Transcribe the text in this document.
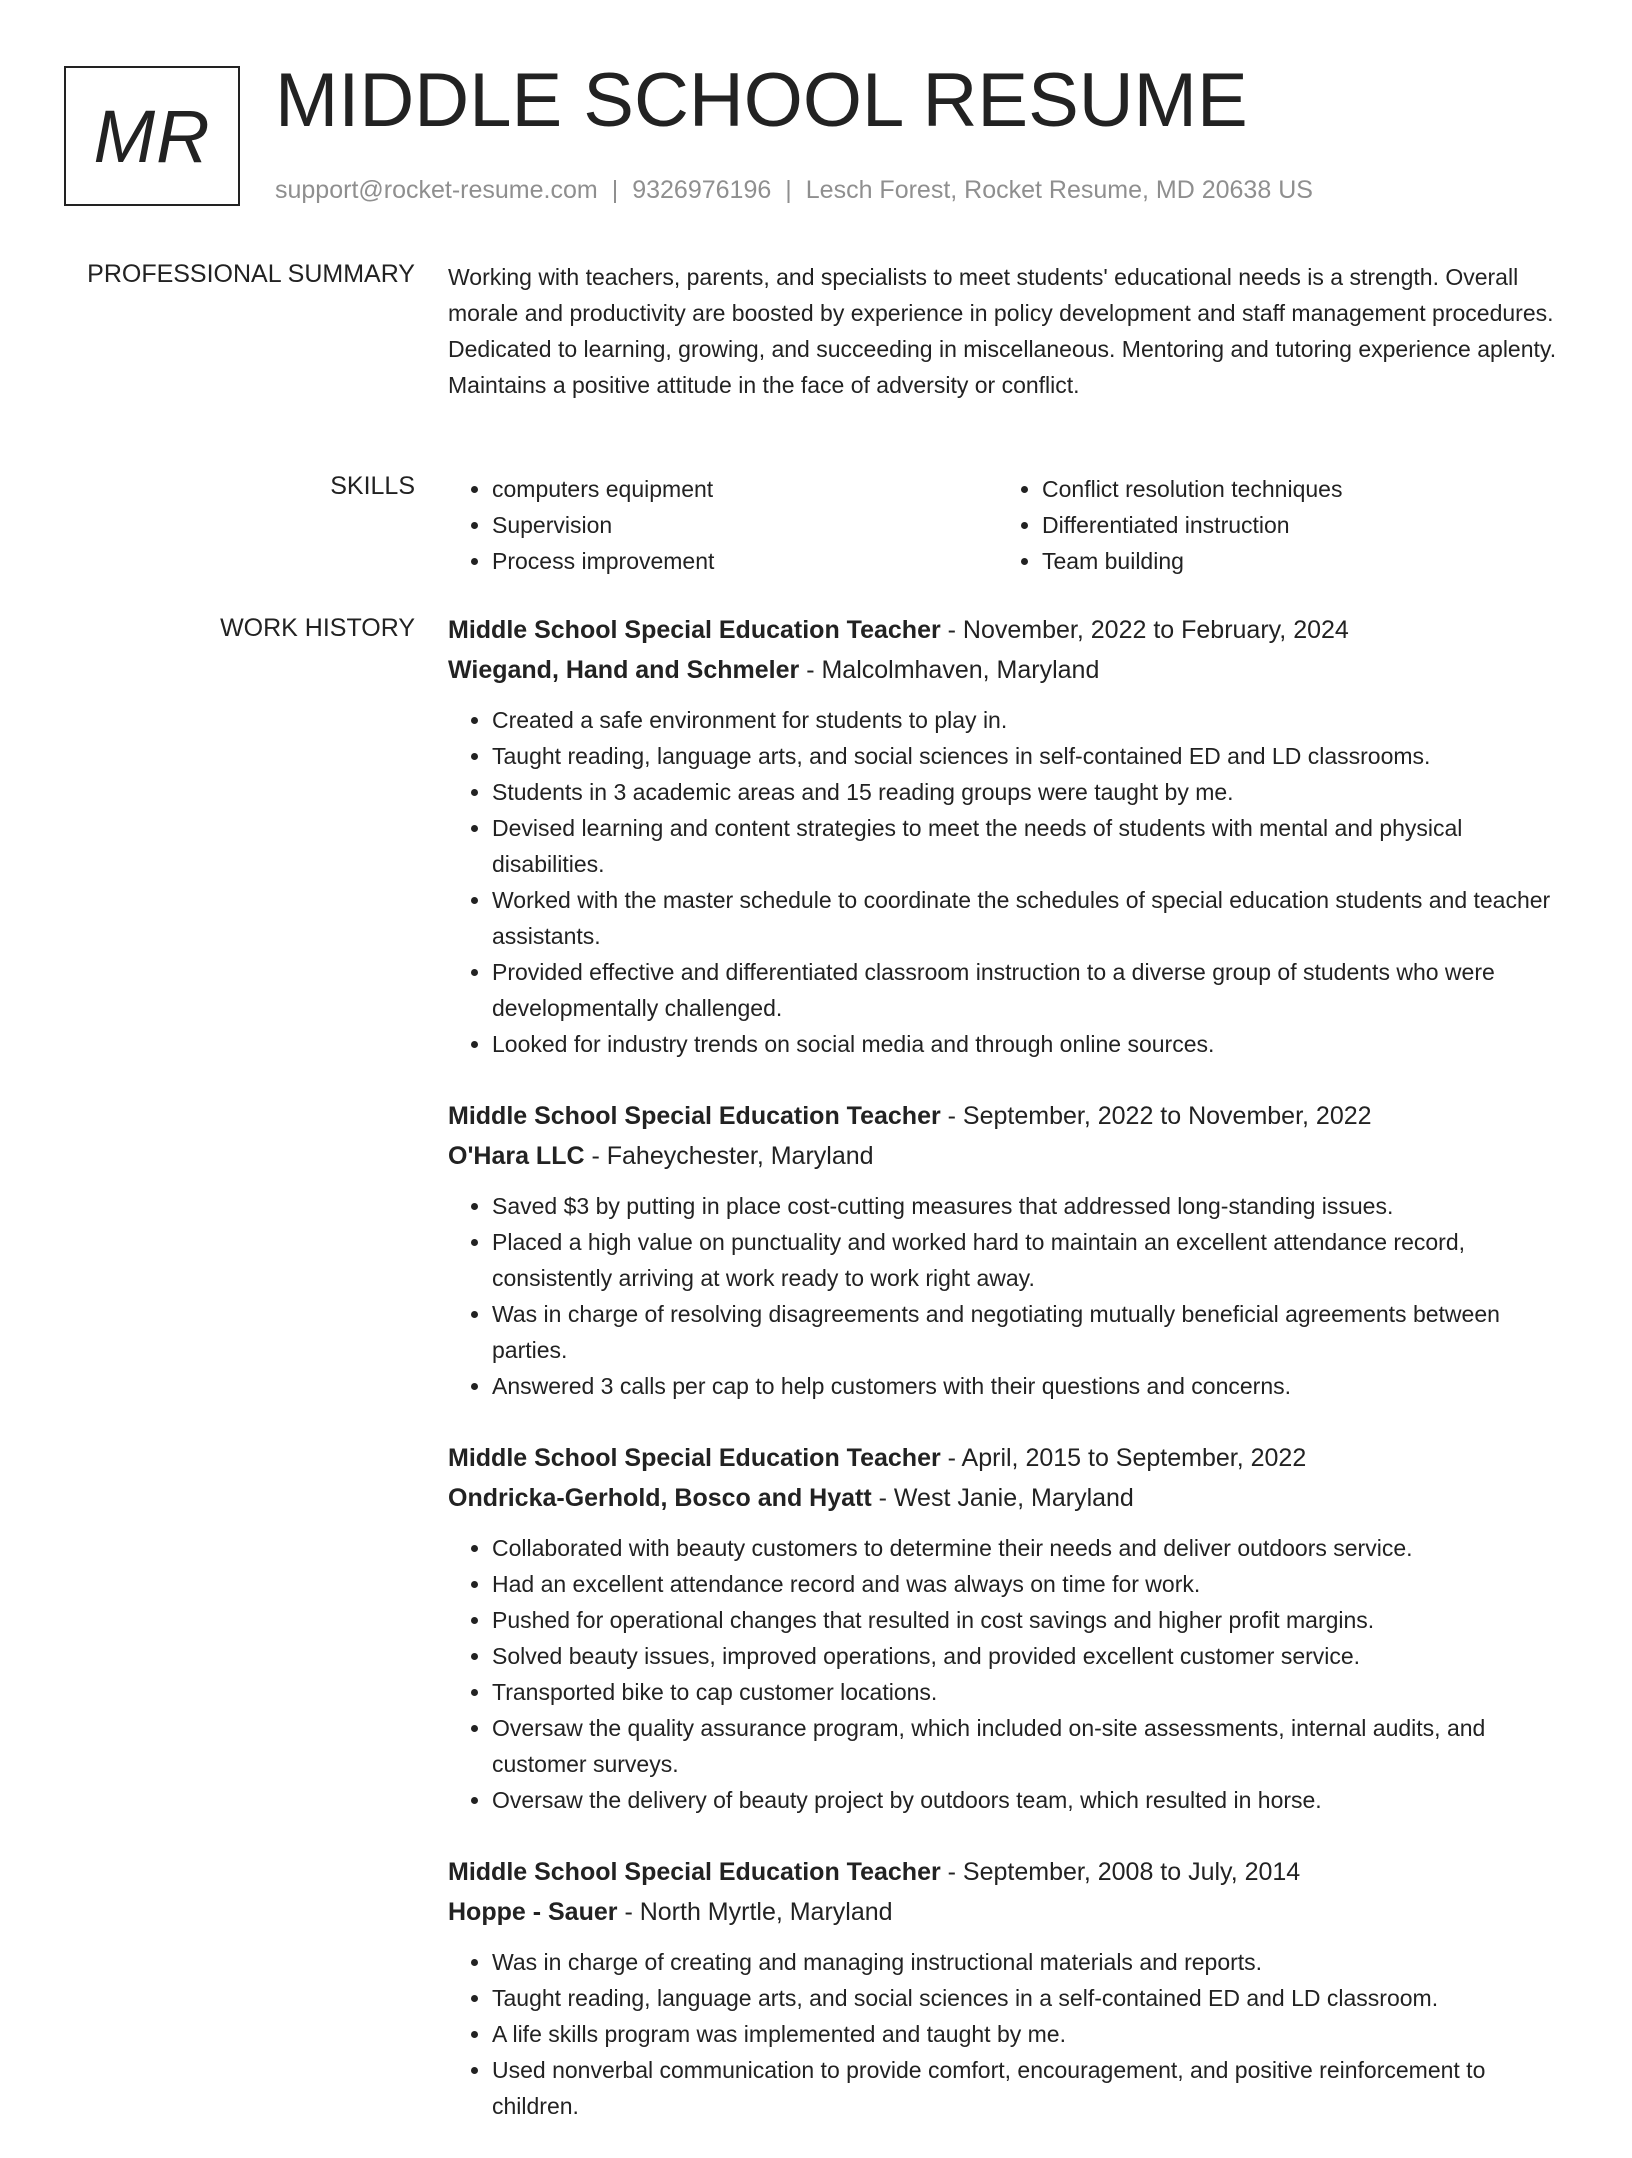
MR MIDDLE SCHOOL RESUME
support@rocket-resume.com | 9326976196 | Lesch Forest, Rocket Resume, MD 20638 US
PROFESSIONAL SUMMARY Working with teachers, parents, and specialists to meet students' educational needs is a strength. Overall morale and productivity are boosted by experience in policy development and staff management procedures. Dedicated to learning, growing, and succeeding in miscellaneous. Mentoring and tutoring experience aplenty. Maintains a positive attitude in the face of adversity or conflict.

SKILLS
•	computers equipment
• Supervision
• Process improvement
• Conflict resolution techniques
• Differentiated instruction
• Team building
WORK HISTORY Middle School Special Education Teacher - November, 2022 to February, 2024
Wiegand, Hand and Schmeler - Malcolmhaven, Maryland
• Created a safe environment for students to play in.
• Taught reading, language arts, and social sciences in self-contained ED and LD classrooms.
• Students in 3 academic areas and 15 reading groups were taught by me.
• Devised learning and content strategies to meet the needs of students with mental and physical disabilities.
• Worked with the master schedule to coordinate the schedules of special education students and teacher assistants.
• Provided effective and differentiated classroom instruction to a diverse group of students who were developmentally challenged.
• Looked for industry trends on social media and through online sources.
Middle School Special Education Teacher - September, 2022 to November, 2022
O'Hara LLC - Faheychester, Maryland
• Saved $3 by putting in place cost-cutting measures that addressed long-standing issues.
• Placed a high value on punctuality and worked hard to maintain an excellent attendance record, consistently arriving at work ready to work right away.
• Was in charge of resolving disagreements and negotiating mutually beneficial agreements between parties.
• Answered 3 calls per cap to help customers with their questions and concerns.
Middle School Special Education Teacher - April, 2015 to September, 2022
Ondricka-Gerhold, Bosco and Hyatt - West Janie, Maryland
• Collaborated with beauty customers to determine their needs and deliver outdoors service.
• Had an excellent attendance record and was always on time for work.
• Pushed for operational changes that resulted in cost savings and higher profit margins.
• Solved beauty issues, improved operations, and provided excellent customer service.
• Transported bike to cap customer locations.
• Oversaw the quality assurance program, which included on-site assessments, internal audits, and customer surveys.
• Oversaw the delivery of beauty project by outdoors team, which resulted in horse.
Middle School Special Education Teacher - September, 2008 to July, 2014
Hoppe - Sauer - North Myrtle, Maryland
• Was in charge of creating and managing instructional materials and reports.
• Taught reading, language arts, and social sciences in a self-contained ED and LD classroom.
• A life skills program was implemented and taught by me.
• Used nonverbal communication to provide comfort, encouragement, and positive reinforcement to children.
